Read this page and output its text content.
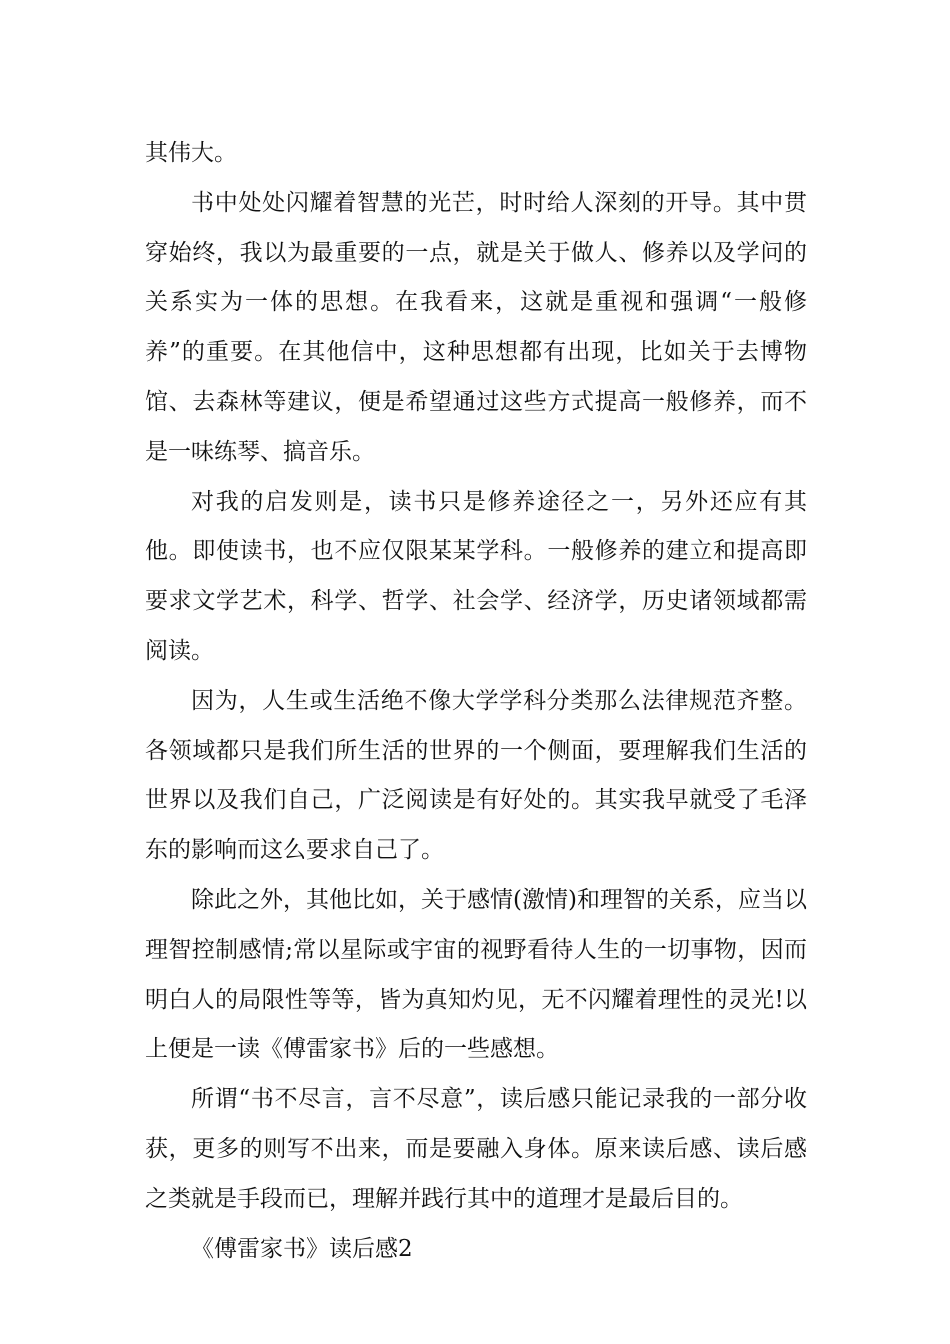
其伟大。

书中处处闪耀着智慧的光芒，时时给人深刻的开导。其中贯穿始终，我以为最重要的一点，就是关于做人、修养以及学问的关系实为一体的思想。在我看来，这就是重视和强调“一般修养”的重要。在其他信中，这种思想都有出现，比如关于去博物馆、去森林等建议，便是希望通过这些方式提高一般修养，而不是一味练琴、搞音乐。

对我的启发则是，读书只是修养途径之一，另外还应有其他。即使读书，也不应仅限某某学科。一般修养的建立和提高即要求文学艺术，科学、哲学、社会学、经济学，历史诸领域都需阅读。

因为，人生或生活绝不像大学学科分类那么法律规范齐整。各领域都只是我们所生活的世界的一个侧面，要理解我们生活的世界以及我们自己，广泛阅读是有好处的。其实我早就受了毛泽东的影响而这么要求自己了。

除此之外，其他比如，关于感情(激情)和理智的关系，应当以理智控制感情;常以星际或宇宙的视野看待人生的一切事物，因而明白人的局限性等等，皆为真知灼见，无不闪耀着理性的灵光!以上便是一读《傅雷家书》后的一些感想。

所谓“书不尽言，言不尽意”，读后感只能记录我的一部分收获，更多的则写不出来，而是要融入身体。原来读后感、读后感之类就是手段而已，理解并践行其中的道理才是最后目的。

《傅雷家书》读后感2
